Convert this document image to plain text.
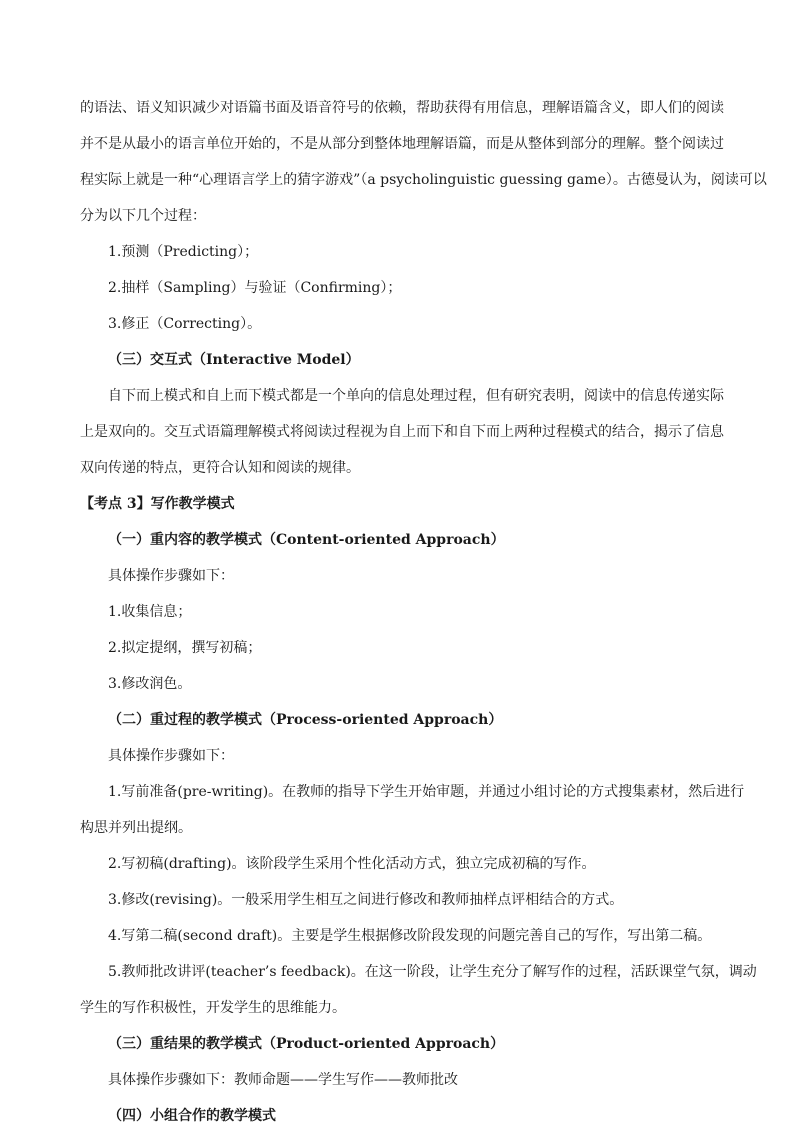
的语法、语义知识减少对语篇书面及语音符号的依赖，帮助获得有用信息，理解语篇含义，即人们的阅读
并不是从最小的语言单位开始的，不是从部分到整体地理解语篇，而是从整体到部分的理解。整个阅读过
程实际上就是一种“心理语言学上的猜字游戏”（a psycholinguistic guessing game）。古德曼认为，阅读可以
分为以下几个过程：
1.预测（Predicting）；
2.抽样（Sampling）与验证（Confirming）；
3.修正（Correcting）。
（三）交互式（Interactive Model）
自下而上模式和自上而下模式都是一个单向的信息处理过程，但有研究表明，阅读中的信息传递实际
上是双向的。交互式语篇理解模式将阅读过程视为自上而下和自下而上两种过程模式的结合，揭示了信息
双向传递的特点，更符合认知和阅读的规律。
【考点 3】写作教学模式
（一）重内容的教学模式（Content-oriented Approach）
具体操作步骤如下：
1.收集信息；
2.拟定提纲，撰写初稿；
3.修改润色。
（二）重过程的教学模式（Process-oriented Approach）
具体操作步骤如下：
1.写前准备(pre-writing)。在教师的指导下学生开始审题，并通过小组讨论的方式搜集素材，然后进行
构思并列出提纲。
2.写初稿(drafting)。该阶段学生采用个性化活动方式，独立完成初稿的写作。
3.修改(revising)。一般采用学生相互之间进行修改和教师抽样点评相结合的方式。
4.写第二稿(second draft)。主要是学生根据修改阶段发现的问题完善自己的写作，写出第二稿。
5.教师批改讲评(teacher’s feedback)。在这一阶段，让学生充分了解写作的过程，活跃课堂气氛，调动
学生的写作积极性，开发学生的思维能力。
（三）重结果的教学模式（Product-oriented Approach）
具体操作步骤如下：教师命题——学生写作——教师批改
（四）小组合作的教学模式
